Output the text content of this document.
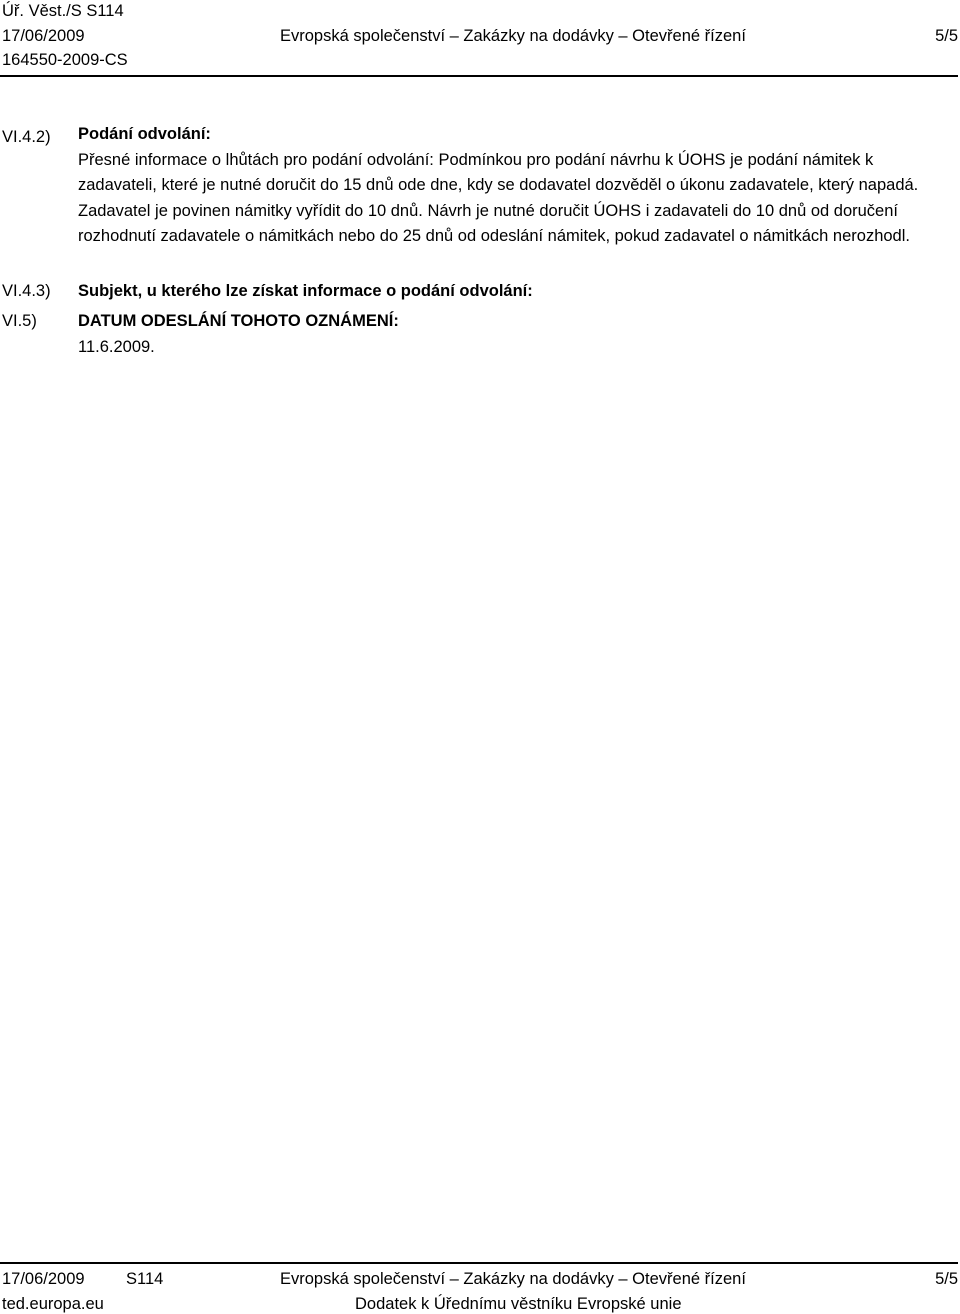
Úř. Věst./S S114
17/06/2009	Evropská společenství – Zakázky na dodávky – Otevřené řízení	5/5
164550-2009-CS
VI.4.2) Podání odvolání:

Přesné informace o lhůtách pro podání odvolání: Podmínkou pro podání návrhu k ÚOHS je podání námitek k zadavateli, které je nutné doručit do 15 dnů ode dne, kdy se dodavatel dozvěděl o úkonu zadavatele, který napadá. Zadavatel je povinen námitky vyřídit do 10 dnů. Návrh je nutné doručit ÚOHS i zadavateli do 10 dnů od doručení rozhodnutí zadavatele o námitkách nebo do 25 dnů od odeslání námitek, pokud zadavatel o námitkách nerozhodl.

VI.4.3) Subjekt, u kterého lze získat informace o podání odvolání:
VI.5) DATUM ODESLÁNÍ TOHOTO OZNÁMENÍ:
11.6.2009.
17/06/2009	S114	Evropská společenství – Zakázky na dodávky – Otevřené řízení	5/5
ted.europa.eu	Dodatek k Úřednímu věstníku Evropské unie
